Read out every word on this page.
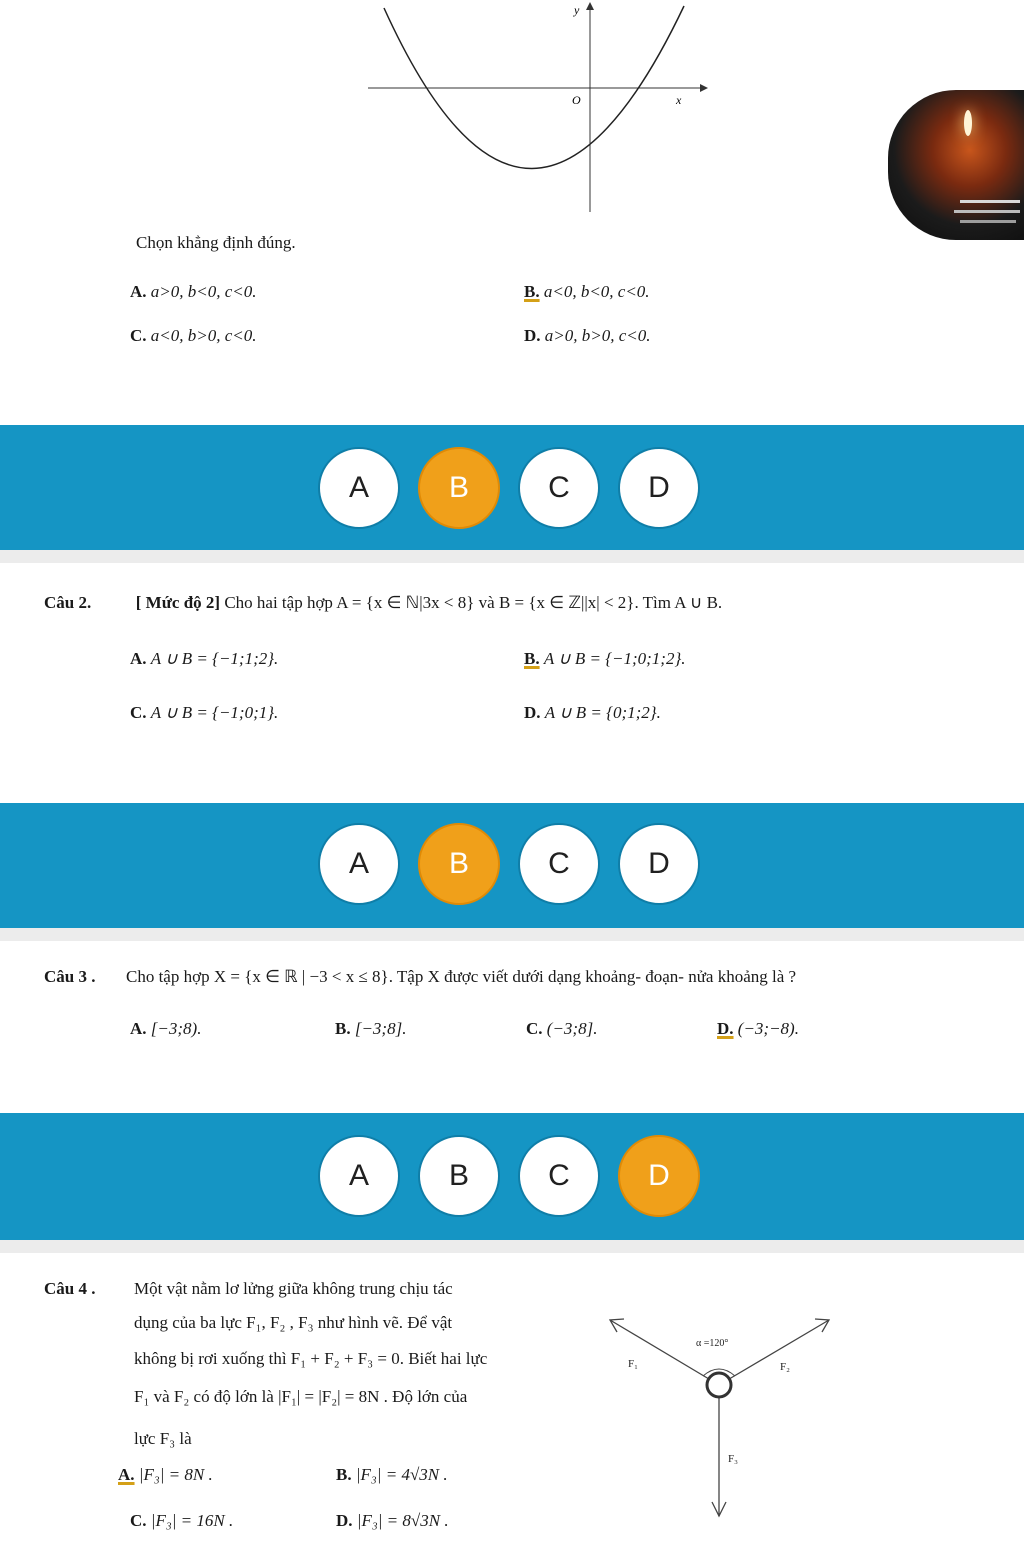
y
O	x
Chọn khẳng định đúng.
A. a>0, b<0, c<0.	B. a<0, b<0, c<0.
C. a<0, b>0, c<0.	D. a>0, b>0, c<0.
A	B	C	D
Câu 2.	[ Mức độ 2] Cho hai tập hợp A = {x ∈ ℕ|3x < 8} và B = {x ∈ ℤ||x| < 2}. Tìm A ∪ B.
A. A ∪ B = {−1;1;2}.	B. A ∪ B = {−1;0;1;2}.
C. A ∪ B = {−1;0;1}.	D. A ∪ B = {0;1;2}.
A	B	C	D
Câu 3 . Cho tập hợp X = {x ∈ ℝ | −3 < x ≤ 8}. Tập X được viết dưới dạng khoảng- đoạn- nửa khoảng là ?
A. [−3;8).	B. [−3;8].	C. (−3;8].	D. (−3;−8).
A	B	C	D
Câu 4 . Một vật nằm lơ lửng giữa không trung chịu tác
dụng của ba lực F₁, F₂ , F₃ như hình vẽ. Để vật
không bị rơi xuống thì F₁ + F₂ + F₃ = 0. Biết hai lực
F₁ và F₂ có độ lớn là |F₁| = |F₂| = 8N . Độ lớn của
lực F₃ là
A. |F₃| = 8N .	B. |F₃| = 4√3N .
C. |F₃| = 16N .	D. |F₃| = 8√3N .
α =120°
F₁	F₂
F₃
